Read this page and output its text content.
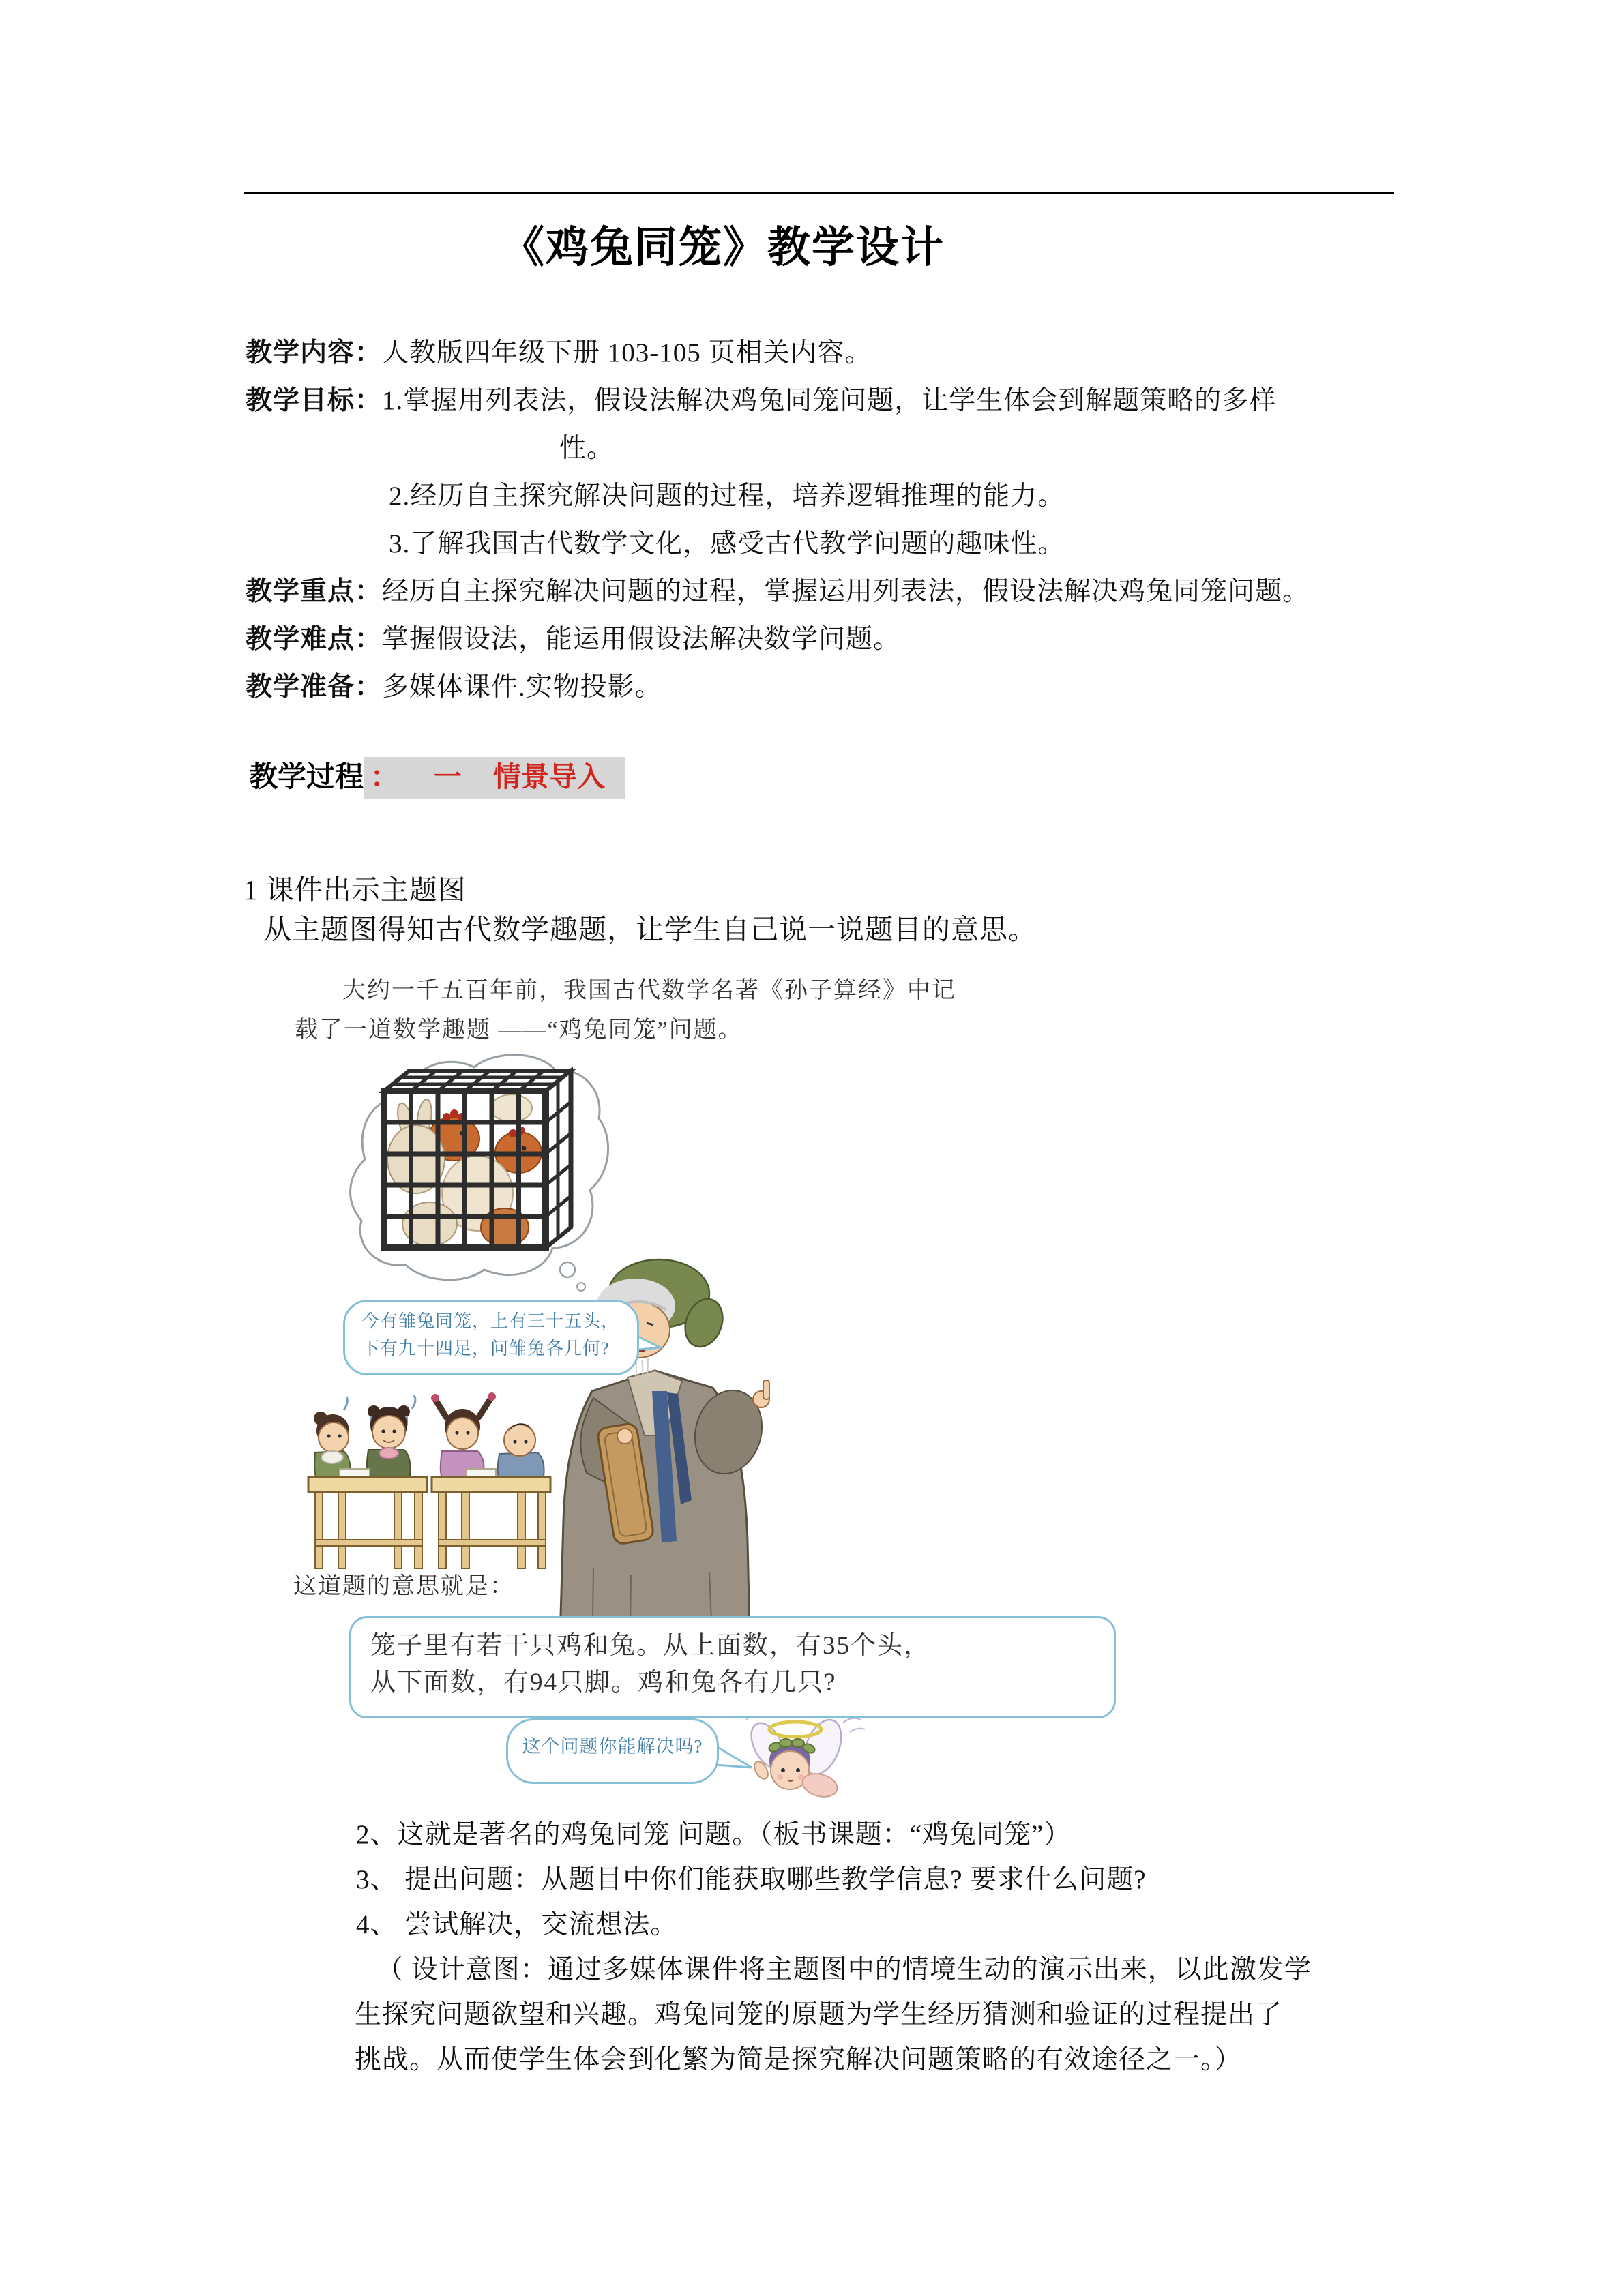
《鸡兔同笼》教学设计
教学内容：人教版四年级下册 103-105 页相关内容。
教学目标：1.掌握用列表法，假设法解决鸡兔同笼问题，让学生体会到解题策略的多样
性。
2.经历自主探究解决问题的过程，培养逻辑推理的能力。
3.了解我国古代数学文化，感受古代教学问题的趣味性。
教学重点：经历自主探究解决问题的过程，掌握运用列表法，假设法解决鸡兔同笼问题。
教学难点：掌握假设法，能运用假设法解决数学问题。
教学准备：多媒体课件.实物投影。
教学过程 ： 一 情景导入
1 课件出示主题图
从主题图得知古代数学趣题，让学生自己说一说题目的意思。
大约一千五百年前，我国古代数学名著《孙子算经》中记
载了一道数学趣题 ——“鸡兔同笼”问题。
今有雏兔同笼，上有三十五头，
下有九十四足，问雏兔各几何?
这道题的意思就是：
笼子里有若干只鸡和兔。从上面数，有35个头，
从下面数，有94只脚。鸡和兔各有几只?
这个问题你能解决吗?
2、这就是著名的鸡兔同笼 问题。（板书课题：“鸡兔同笼”）
3、 提出问题：从题目中你们能获取哪些教学信息? 要求什么问题?
4、 尝试解决，交流想法。
（ 设计意图：通过多媒体课件将主题图中的情境生动的演示出来，以此激发学
生探究问题欲望和兴趣。鸡兔同笼的原题为学生经历猜测和验证的过程提出了
挑战。从而使学生体会到化繁为简是探究解决问题策略的有效途径之一。）
